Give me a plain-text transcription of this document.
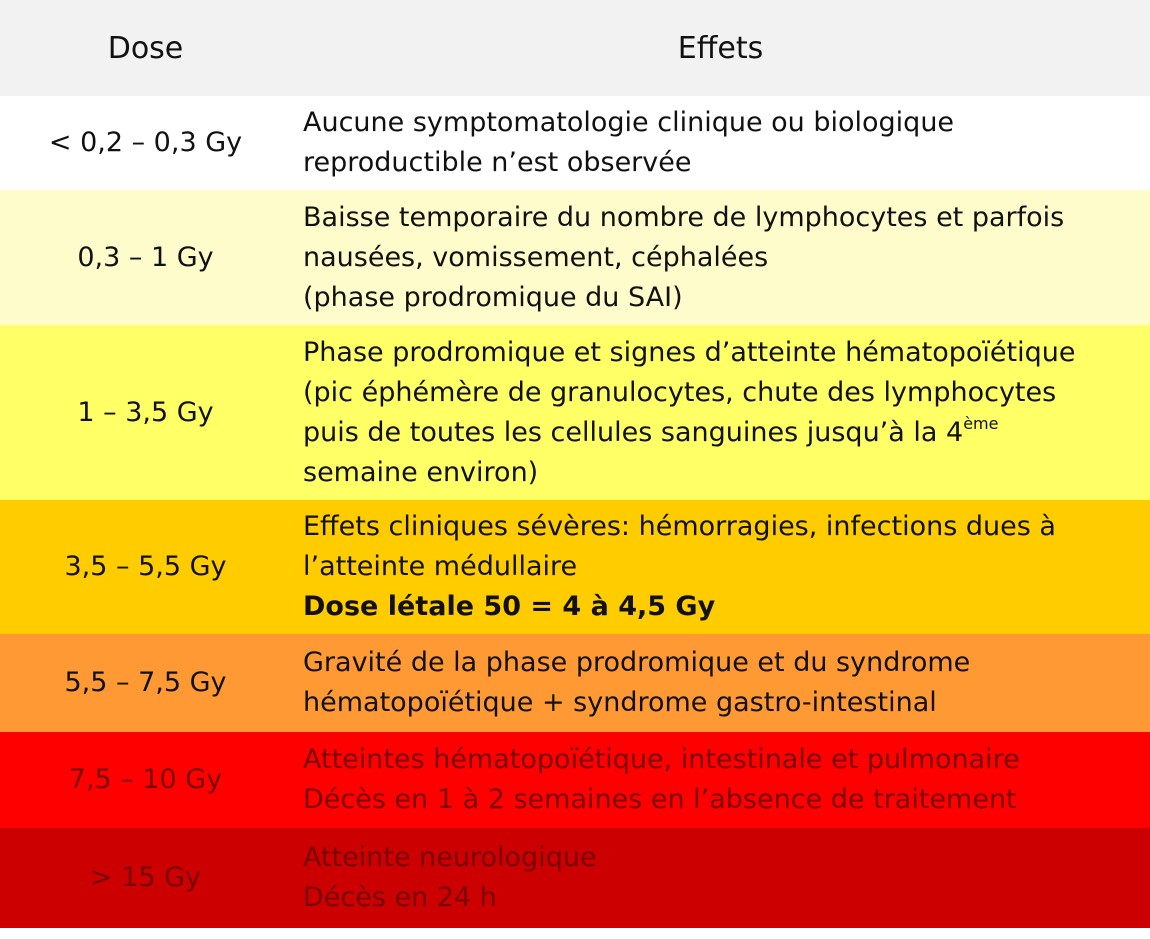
Dose	Effets
< 0,2 – 0,3 Gy	Aucune symptomatologie clinique ou biologique
reproductible n’est observée

0,3 – 1 Gy	Baisse temporaire du nombre de lymphocytes et parfois
nausées, vomissement, céphalées
(phase prodromique du SAI)

1 – 3,5 Gy	Phase prodromique et signes d’atteinte hématopoïétique
(pic éphémère de granulocytes, chute des lymphocytes
puis de toutes les cellules sanguines jusqu’à la 4ème
semaine environ)

3,5 – 5,5 Gy	Effets cliniques sévères: hémorragies, infections dues à
l’atteinte médullaire
Dose létale 50 = 4 à 4,5 Gy

5,5 – 7,5 Gy	Gravité de la phase prodromique et du syndrome
hématopoïétique + syndrome gastro-intestinal

7,5 – 10 Gy	Atteintes hématopoïétique, intestinale et pulmonaire
Décès en 1 à 2 semaines en l’absence de traitement

> 15 Gy	Atteinte neurologique
Décès en 24 h
